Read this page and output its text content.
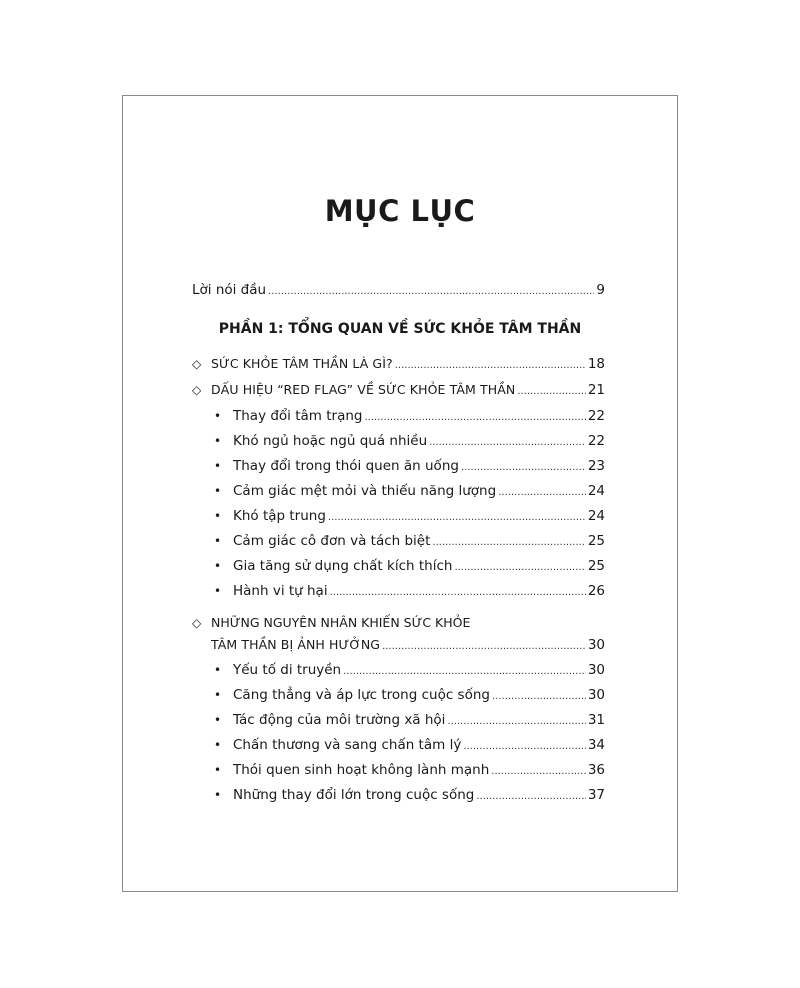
MỤC LỤC
Lời nói đầu .....	9
PHẦN 1: TỔNG QUAN VỀ SỨC KHỎE TÂM THẦN
◇ SỨC KHỎE TÂM THẦN LÀ GÌ? .....	18
◇ DẤU HIỆU “RED FLAG” VỀ SỨC KHỎE TÂM THẦN .....	21
• Thay đổi tâm trạng .....	22
• Khó ngủ hoặc ngủ quá nhiều .....	22
• Thay đổi trong thói quen ăn uống .....	23
• Cảm giác mệt mỏi và thiếu năng lượng .....	24
• Khó tập trung .....	24
• Cảm giác cô đơn và tách biệt .....	25
• Gia tăng sử dụng chất kích thích .....	25
• Hành vi tự hại .....	26
◇ NHỮNG NGUYÊN NHÂN KHIẾN SỨC KHỎE
TÂM THẦN BỊ ẢNH HƯỞNG .....	30
• Yếu tố di truyền .....	30
• Căng thẳng và áp lực trong cuộc sống .....	30
• Tác động của môi trường xã hội .....	31
• Chấn thương và sang chấn tâm lý .....	34
• Thói quen sinh hoạt không lành mạnh .....	36
• Những thay đổi lớn trong cuộc sống .....	37
